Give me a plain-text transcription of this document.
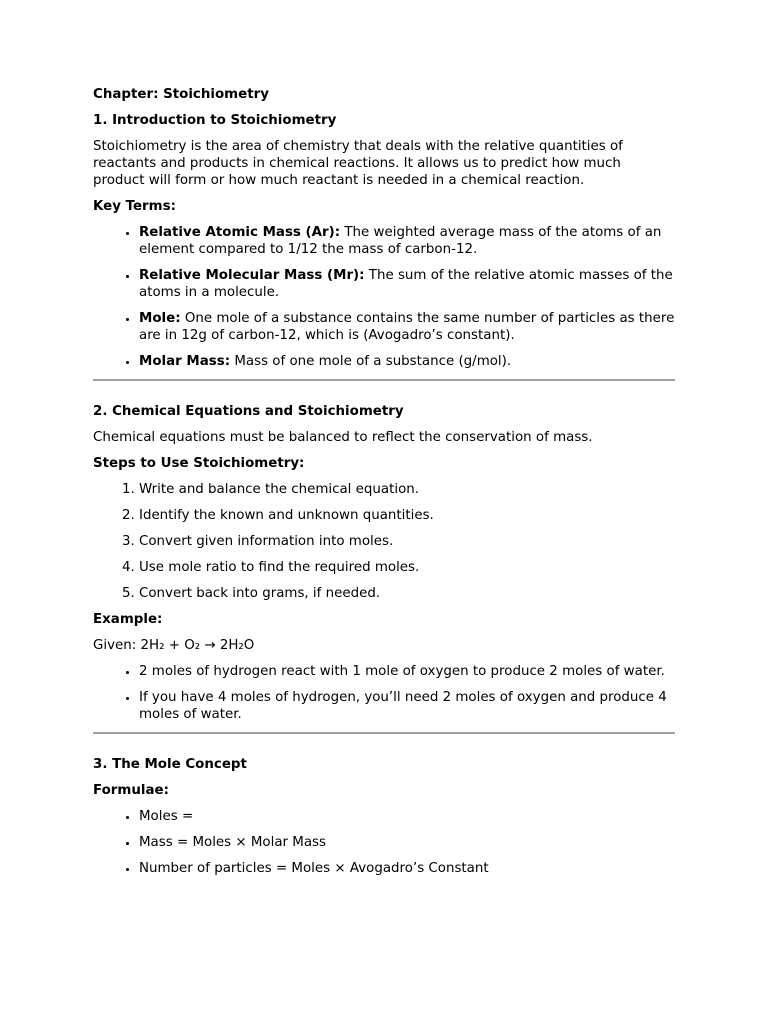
Chapter: Stoichiometry
1. Introduction to Stoichiometry
Stoichiometry is the area of chemistry that deals with the relative quantities of reactants and products in chemical reactions. It allows us to predict how much product will form or how much reactant is needed in a chemical reaction.
Key Terms:
• Relative Atomic Mass (Ar): The weighted average mass of the atoms of an element compared to 1/12 the mass of carbon-12.
• Relative Molecular Mass (Mr): The sum of the relative atomic masses of the atoms in a molecule.
• Mole: One mole of a substance contains the same number of particles as there are in 12g of carbon-12, which is (Avogadro’s constant).
• Molar Mass: Mass of one mole of a substance (g/mol).
2. Chemical Equations and Stoichiometry
Chemical equations must be balanced to reflect the conservation of mass.
Steps to Use Stoichiometry:
1. Write and balance the chemical equation.
2. Identify the known and unknown quantities.
3. Convert given information into moles.
4. Use mole ratio to find the required moles.
5. Convert back into grams, if needed.
Example:
Given: 2H₂ + O₂ → 2H₂O
• 2 moles of hydrogen react with 1 mole of oxygen to produce 2 moles of water.
• If you have 4 moles of hydrogen, you’ll need 2 moles of oxygen and produce 4 moles of water.
3. The Mole Concept
Formulae:
• Moles =
• Mass = Moles × Molar Mass
• Number of particles = Moles × Avogadro’s Constant
